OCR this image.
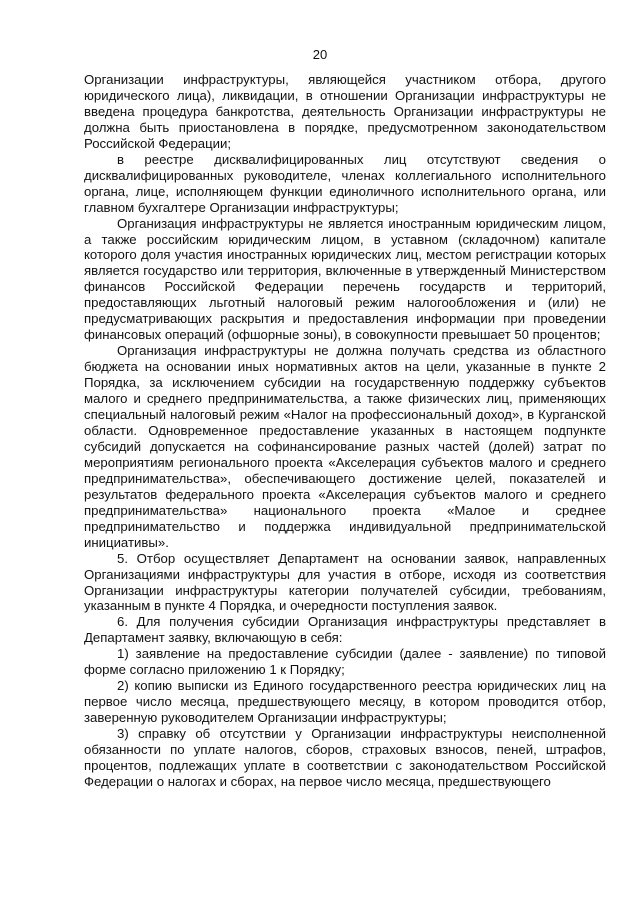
20

Организации инфраструктуры, являющейся участником отбора, другого юридического лица), ликвидации, в отношении Организации инфраструктуры не введена процедура банкротства, деятельность Организации инфраструктуры не должна быть приостановлена в порядке, предусмотренном законодательством Российской Федерации;

в реестре дисквалифицированных лиц отсутствуют сведения о дисквалифицированных руководителе, членах коллегиального исполнительного органа, лице, исполняющем функции единоличного исполнительного органа, или главном бухгалтере Организации инфраструктуры;

Организация инфраструктуры не является иностранным юридическим лицом, а также российским юридическим лицом, в уставном (складочном) капитале которого доля участия иностранных юридических лиц, местом регистрации которых является государство или территория, включенные в утвержденный Министерством финансов Российской Федерации перечень государств и территорий, предоставляющих льготный налоговый режим налогообложения и (или) не предусматривающих раскрытия и предоставления информации при проведении финансовых операций (офшорные зоны), в совокупности превышает 50 процентов;

Организация инфраструктуры не должна получать средства из областного бюджета на основании иных нормативных актов на цели, указанные в пункте 2 Порядка, за исключением субсидии на государственную поддержку субъектов малого и среднего предпринимательства, а также физических лиц, применяющих специальный налоговый режим «Налог на профессиональный доход», в Курганской области. Одновременное предоставление указанных в настоящем подпункте субсидий допускается на софинансирование разных частей (долей) затрат по мероприятиям регионального проекта «Акселерация субъектов малого и среднего предпринимательства», обеспечивающего достижение целей, показателей и результатов федерального проекта «Акселерация субъектов малого и среднего предпринимательства» национального проекта «Малое и среднее предпринимательство и поддержка индивидуальной предпринимательской инициативы».

5. Отбор осуществляет Департамент на основании заявок, направленных Организациями инфраструктуры для участия в отборе, исходя из соответствия Организации инфраструктуры категории получателей субсидии, требованиям, указанным в пункте 4 Порядка, и очередности поступления заявок.

6. Для получения субсидии Организация инфраструктуры представляет в Департамент заявку, включающую в себя:

1) заявление на предоставление субсидии (далее - заявление) по типовой форме согласно приложению 1 к Порядку;

2) копию выписки из Единого государственного реестра юридических лиц на первое число месяца, предшествующего месяцу, в котором проводится отбор, заверенную руководителем Организации инфраструктуры;

3) справку об отсутствии у Организации инфраструктуры неисполненной обязанности по уплате налогов, сборов, страховых взносов, пеней, штрафов, процентов, подлежащих уплате в соответствии с законодательством Российской Федерации о налогах и сборах, на первое число месяца, предшествующего
